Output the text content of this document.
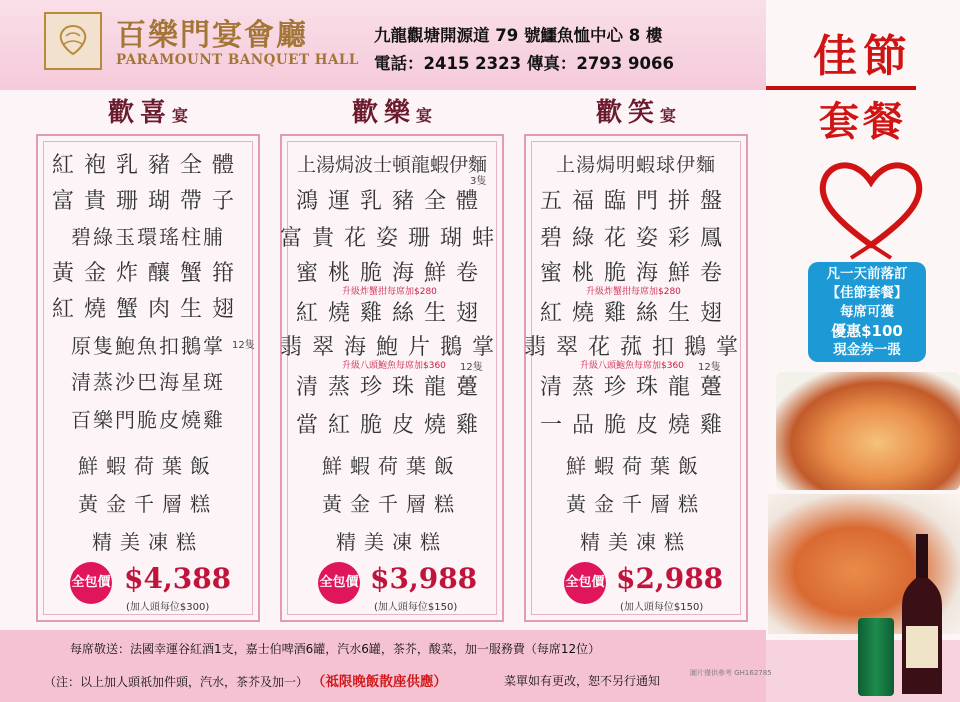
百樂門宴會廳
PARAMOUNT BANQUET HALL
九龍觀塘開源道 79 號鱷魚恤中心 8 樓
電話：2415 2323 傳真：2793 9066	佳節
套餐
凡一天前落訂
【佳節套餐】
每席可獲
優惠$100
現金券一張
歡喜宴
紅袍乳豬全體
富貴珊瑚帶子
碧綠玉環瑤柱脯
黃金炸釀蟹箝
紅燒蟹肉生翅
原隻鮑魚扣鵝掌 12隻
清蒸沙巴海星斑
百樂門脆皮燒雞
鮮蝦荷葉飯
黃金千層糕
精美凍糕
全包價 $4,388
(加人頭每位$300)
歡樂宴
上湯焗波士頓龍蝦伊麵
3隻
鴻運乳豬全體
富貴花姿珊瑚蚌
蜜桃脆海鮮卷
升級炸蟹拑每席加$280
紅燒雞絲生翅
翡翠海鮑片鵝掌
升級八頭鮑魚每席加$360 12隻
清蒸珍珠龍躉
當紅脆皮燒雞
鮮蝦荷葉飯
黃金千層糕
精美凍糕
全包價 $3,988
(加人頭每位$150)
歡笑宴
上湯焗明蝦球伊麵
五福臨門拼盤
碧綠花姿彩鳳
蜜桃脆海鮮卷
升級炸蟹拑每席加$280
紅燒雞絲生翅
翡翠花菰扣鵝掌
升級八頭鮑魚每席加$360 12隻
清蒸珍珠龍躉
一品脆皮燒雞
鮮蝦荷葉飯
黃金千層糕
精美凍糕
全包價 $2,988
(加人頭每位$150)
每席敬送：法國幸運谷紅酒1支，嘉士伯啤酒6罐，汽水6罐，茶芥，酸菜，加一服務費（每席12位）
（注：以上加人頭祇加件頭，汽水，茶芥及加一） （祗限晚飯散座供應）	菜單如有更改，恕不另行通知
圖片僅供參考 GH162785
